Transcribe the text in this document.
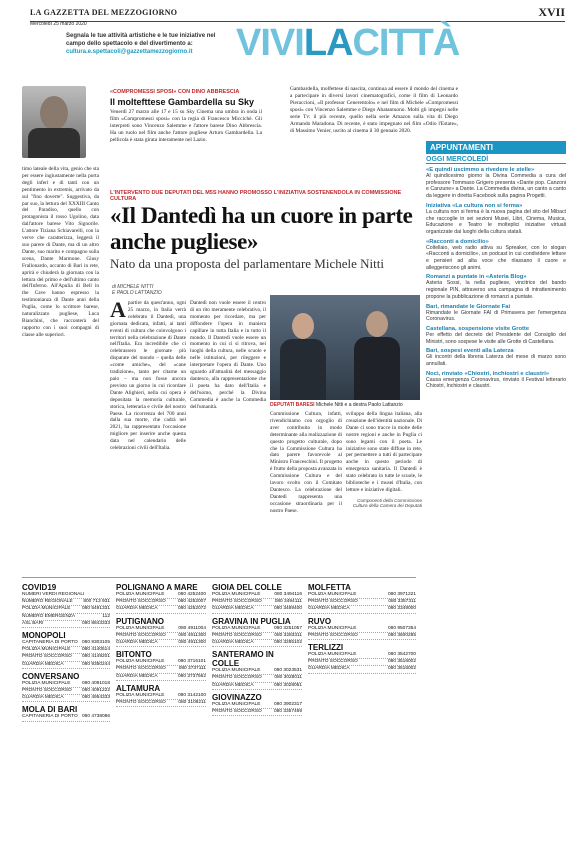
LA GAZZETTA DEL MEZZOGIORNO
Mercoledì 25 marzo 2020
XVII
Segnala le tue attività artistiche e le tue iniziative nel campo dello spettacolo e del divertimento a: cultura.e.spettacoli@gazzettamezzogiorno.it	VIVILACITTÀ
«COMPROMESSI SPOSI» CON DINO ABBRESCIA
Il moltefttese Gambardella su Sky
Venerdì 27 marzo alle 17 e 15 su Sky Cinema una umbra in onda il film «Compromessi sposi» con la regia di Francesco Miccichè. Gli interpreti sono Vincenzo Salemme e l'attore barese Dino Abbrescia. Ha un ruolo nel film anche l'attore pugliese Arturo Gambardella. La pellicola è stata girata interamente nel Lazio.
Gambardella, molfettese di nascita, continua ad essere il mondo del cinema e a partecipare in diversi lavori cinematografici, come il film di Leonardo Pieraccioni, «Il professor Cenerentolo» e nel film di Michele «Compromessi sposi» con Vincenzo Salemme e Diego Abatantuono. Molti gli impegni nelle serie Tv: il più recente, quello nella serie Amazon sulla vita di Diego Armando Maradona. Di recente, è stato impegnato nel film «Odio l'Estate», di Massimo Venier, uscito al cinema il 30 gennaio 2020.
L'INTERVENTO DUE DEPUTATI DEL M5S HANNO PROMOSSO L'INIZIATIVA SOSTENENDOLA IN COMMISSIONE CULTURA
«Il Dantedì ha un cuore in parte anche pugliese»
Nato da una proposta del parlamentare Michele Nitti
di MICHELE NITTI
E PAOLO LATTANZIO
timo lateale della vita, genio che sta per essere ingiustamente nella porta degli inferi e di tanti con un pentimento in extremis, arrivato da sul "fino doverte". Suggestiva, da par suo, la lettura del XXXIII Canto del Paradiso, quello con protagonista il rosso Ugolino, data dall'attore barese Vito Signorile. L'attore Tiziana Schiavarelli, con la verve che caratterizza, leggerà il suo parere di Dante, ma di un altro Dante, suo marito e compagno sulla scena, Dante Marmone. Giusy Frallonardo, accanto di Bari in rete, aprirà e chiuderà la giornata con la lettura del primo e dell'ultimo canto dell'Inferno. All'Apulia di Bell in the Cave hanno espresso la testimonianza di Dante anni della Puglia, come lo scrittore barese, naturalizzato pugliese, Luca Bianchini, che racconterà del rapporto con i suoi compagni di classe alle superiori.
Apartire da quest'anno, ogni 25 marzo, in Italia verrà celebrato il Dantedì, una giornata dedicata, infatti, ai tanti eventi di cultura che coinvolgono i territori nella celebrazione di Dante nell'Italia. Era incredibile che ci celebrassero le giornate più disparate del mondo – quella delle «come amiche», del «cane tradizione», tanto per citarne un paio – ma non fosse ancora previsto un giorno in cui ricordare Dante Alighieri, nella cui opera è depositata la memoria culturale, storica, letteraria e civile del nostro Paese. La ricorrenza del 700 anni dalla sua morte, che cadrà nel 2021, ha rappresentato l'occasione migliore per inserire anche questa data nel calendario delle celebrazioni civili dell'Italia.
Dantedì non vuole essere il centro di un rito meramente celebrativo, il momento per ricordare, ma per diffondere l'opera in maniera capillare in tutta Italia e in tutto il mondo. Il Dantedì vuole essere un momento in cui ci si ritrova, nei luoghi della cultura, nelle scuole e nelle istituzioni, per rileggere e interpretare l'opera di Dante. Uno sguardo all'attualità del messaggio dantesco, alla rappresentazione che il poeta ha dato dell'Italia e dell'uomo, perché la Divina Commedia è anche la Commedia dell'umanità.	DEPUTATI BARESI Michele Nitti e a destra Paolo Lattanzio
Commissione Cultura, infatti, rivendichiamo con orgoglio di aver contribuito in modo determinante alla realizzazione di questo progetto culturale, dopo che la Commissione Cultura ha dato parere favorevole al Ministro Franceschini. Il progetto è frutto della proposta avanzata in Commissione Cultura e del lavoro svolto con il Comitato Dantesco. La celebrazione del Dantedì rappresenta una occasione straordinaria per il nostro Paese.
sviluppo della lingua italiana, alla creazione dell'identità nazionale. Di Dante ci sono tracce in molte delle nostre regioni e anche in Puglia ci sono legami con il poeta. Le iniziative sono state diffuse in rete, per permettere a tutti di partecipare anche in questo periodo di emergenza sanitaria. Il Dantedì è stato celebrato in tutte le scuole, le biblioteche e i musei d'Italia, con letture e iniziative digitali.
Componenti della Commissione Cultura della Camera dei Deputati
APPUNTAMENTI
OGGI MERCOLEDÌ
«E quindi uscimmo a rivedere le stelle»
Al quindicesimo giorno la Divina Commedia a cura del professore Tommaso Grigero presenta «Dante pop. Canzoni e Canzune» a Dante. La Commedia divina, un canto a canto da leggere in diretta Facebook sulla pagina Progetti.
Iniziativa «La cultura non si ferma»
La cultura non si ferma è la nuova pagina del sito del Mibact che raccoglie in sei sezioni Musei, Libri, Cinema, Musica, Educazione e Teatro le molteplici iniziative virtuali organizzate dai luoghi della cultura statali.
«Racconti a domicilio»
Coltellaio, web radio attiva su Spreaker, con lo slogan «Racconti a domicilio», un podcast in cui condividere letture e pensieri ad alta voce che rilassano il cuore e alleggeriscono gli animi.
Romanzi a puntate in «Asteria Blog»
Asteria Sossi, la nella pugliese, vincitrice del bando regionale PIN, attraverso una campagna di intrattenimento propone la pubblicazione di romanzi a puntate.
Bari, rimandate le Giornate Fai
Rimandate le Giornate FAI di Primavera per l'emergenza Coronavirus.
Castellana, sospensione visite Grotte
Per effetto del decreto del Presidente del Consiglio dei Ministri, sono sospese le visite alle Grotte di Castellana.
Bari, sospesi eventi alla Laterza
Gli incontri della libreria Laterza del mese di marzo sono annullati.
Noci, rinviato «Chiostri, inchiostri e claustri»
Causa emergenza Coronavirus, rinviato il Festival letterario Chiostri, Inchiostri e claustri.
COVID19
NUMERI VERDI REGIONALI
NUMERO REGIONALE 800 713 931
POLIZIA MUNICIPALE 080 5491331
NUMERO EMERGENZA	112
ASL BARI	080 8843333
MONOPOLI
CAPITANERIA DI PORTO 080 9303105
POLIZIA MUNICIPALE 080 4140514
PRONTO SOCCORSO 080 4149201
GUARDIA MEDICA	080 9350244
CONVERSANO
POLIZIA MUNICIPALE 080 4091018
PRONTO SOCCORSO 080 4091222
GUARDIA MEDICA	080 4954333
MOLA DI BARI
CAPITANERIA DI PORTO 080 4738086
POLIGNANO A MARE
POLIZIA MUNICIPALE	080 4252400
PRONTO SOCCORSO	080 4252007
GUARDIA MEDICA	080 4252072
PUTIGNANO
POLIZIA MUNICIPALE	080 4911004
PRONTO SOCCORSO	080 4911300
GUARDIA MEDICA	080 4911300
BITONTO
POLIZIA MUNICIPALE	080 3716101
PRONTO SOCCORSO	080 3737111
GUARDIA MEDICA	080 3737562
ALTAMURA
POLIZIA MUNICIPALE	080 3142100
PRONTO SOCCORSO	080 3108211
GIOIA DEL COLLE
POLIZIA MUNICIPALE	080 3494116
PRONTO SOCCORSO	080 3494111
GUARDIA MEDICA	080 3489400
GRAVINA IN PUGLIA
POLIZIA MUNICIPALE	080 3251057
PRONTO SOCCORSO	080 3283311
GUARDIA MEDICA	080 3285102
SANTERAMO IN COLLE
POLIZIA MUNICIPALE	080 3023531
PRONTO SOCCORSO	080 3028011
GUARDIA MEDICA	080 3028051
GIOVINAZZO
POLIZIA MUNICIPALE	080 3902317
PRONTO SOCCORSO	080 3357469
MOLFETTA
POLIZIA MUNICIPALE	080 3971221
PRONTO SOCCORSO	080 3357311
GUARDIA MEDICA	080 3349000
RUVO
POLIZIA MUNICIPALE	080 9507354
PRONTO SOCCORSO	080 3600285
TERLIZZI
POLIZIA MUNICIPALE	080 3542700
PRONTO SOCCORSO	080 3516002
GUARDIA MEDICA	080 3516002
